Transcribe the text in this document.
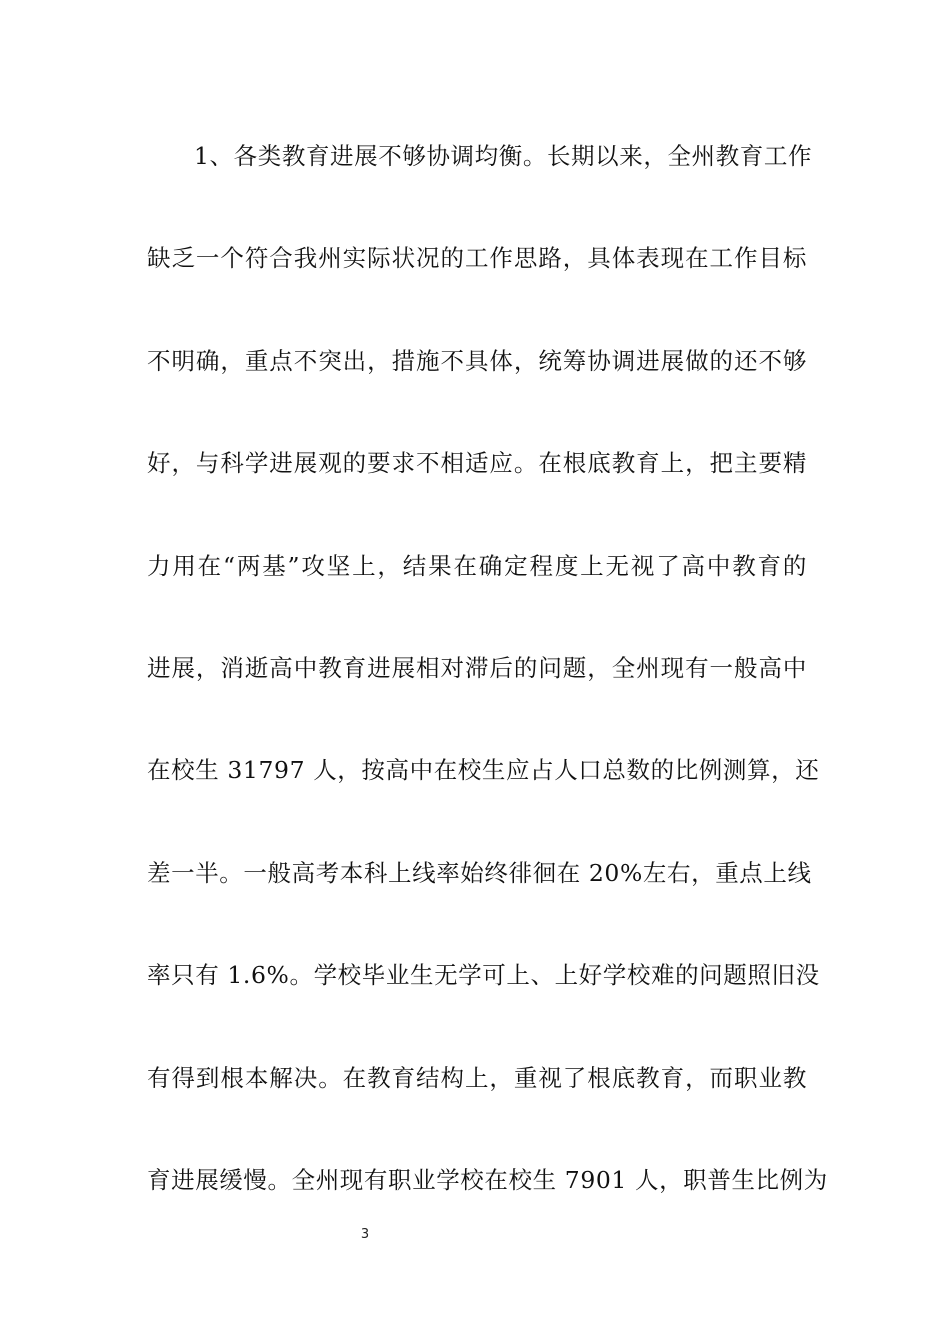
1、各类教育进展不够协调均衡。长期以来，全州教育工作
缺乏一个符合我州实际状况的工作思路，具体表现在工作目标
不明确，重点不突出，措施不具体，统筹协调进展做的还不够
好，与科学进展观的要求不相适应。在根底教育上，把主要精
力用在“两基”攻坚上，结果在确定程度上无视了高中教育的
进展，消逝高中教育进展相对滞后的问题，全州现有一般高中
在校生 31797 人，按高中在校生应占人口总数的比例测算，还
差一半。一般高考本科上线率始终徘徊在 20%左右，重点上线
率只有 1.6%。学校毕业生无学可上、上好学校难的问题照旧没
有得到根本解决。在教育结构上，重视了根底教育，而职业教
育进展缓慢。全州现有职业学校在校生 7901 人，职普生比例为
3
